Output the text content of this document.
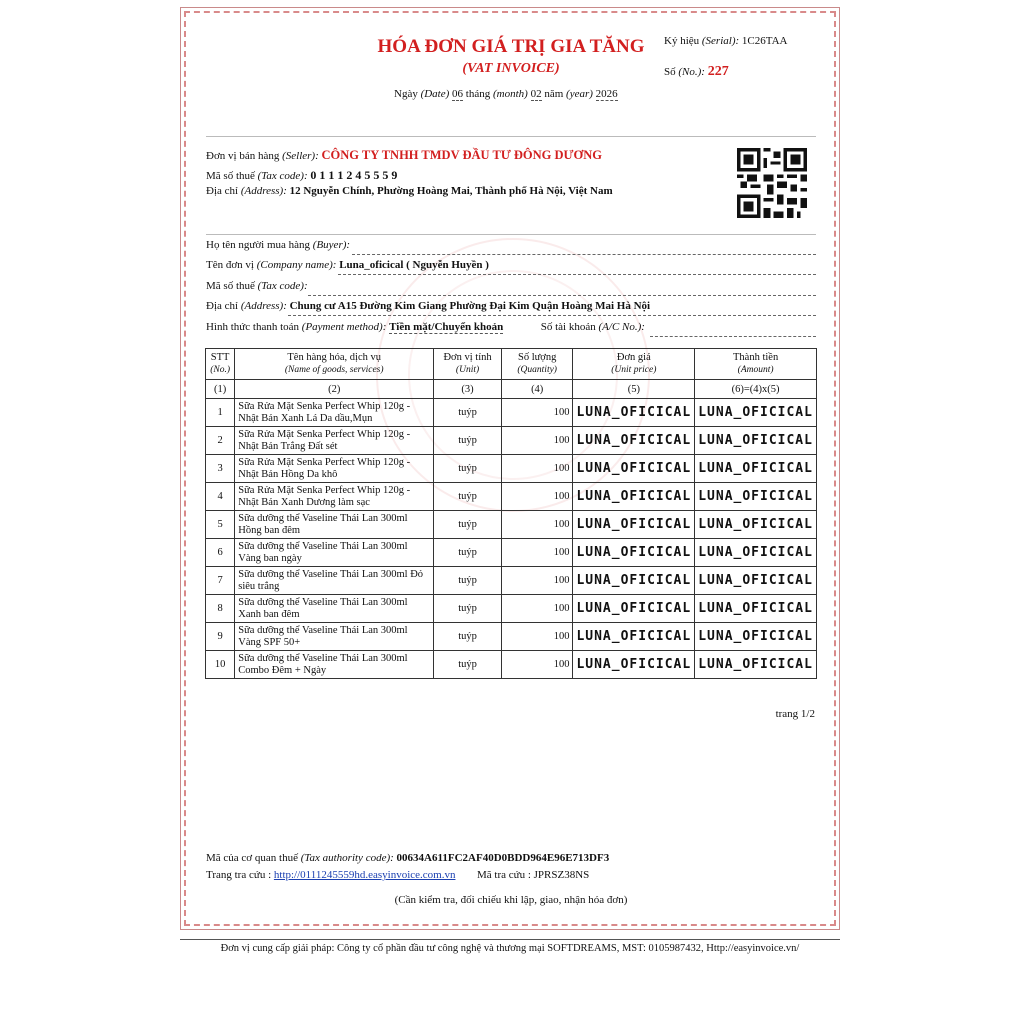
HÓA ĐƠN GIÁ TRỊ GIA TĂNG
(VAT INVOICE)
Ngày (Date) 06 tháng (month) 02 năm (year) 2026
Ký hiệu (Serial): 1C26TAA
Số (No.): 227
Đơn vị bán hàng (Seller): CÔNG TY TNHH TMDV ĐẦU TƯ ĐÔNG DƯƠNG
Mã số thuế (Tax code): 0 1 1 1 2 4 5 5 5 9
Địa chỉ (Address): 12 Nguyễn Chính, Phường Hoàng Mai, Thành phố Hà Nội, Việt Nam
Họ tên người mua hàng (Buyer):
Tên đơn vị (Company name): Luna_oficical ( Nguyễn Huyền )
Mã số thuế (Tax code):
Địa chỉ (Address): Chung cư A15 Đường Kim Giang Phường Đại Kim Quận Hoàng Mai Hà Nội
Hình thức thanh toán (Payment method): Tiền mặt/Chuyển khoản	Số tài khoản (A/C No.):
STT
(No.)	Tên hàng hóa, dịch vụ
(Name of goods, services)	Đơn vị tính
(Unit)	Số lượng
(Quantity)	Đơn giá
(Unit price)	Thành tiền
(Amount)
(1)	(2)	(3)	(4)	(5)	(6)=(4)x(5)
1	Sữa Rửa Mặt Senka Perfect Whip 120g - Nhật Bản Xanh Lá Da dầu,Mụn	tuýp	100	LUNA_OFICICAL	LUNA_OFICICAL
2	Sữa Rửa Mặt Senka Perfect Whip 120g - Nhật Bản Trắng Đất sét	tuýp	100	LUNA_OFICICAL	LUNA_OFICICAL
3	Sữa Rửa Mặt Senka Perfect Whip 120g - Nhật Bản Hồng Da khô	tuýp	100	LUNA_OFICICAL	LUNA_OFICICAL
4	Sữa Rửa Mặt Senka Perfect Whip 120g - Nhật Bản Xanh Dương làm sạc	tuýp	100	LUNA_OFICICAL	LUNA_OFICICAL
5	Sữa dưỡng thể Vaseline Thái Lan 300ml Hồng ban đêm	tuýp	100	LUNA_OFICICAL	LUNA_OFICICAL
6	Sữa dưỡng thể Vaseline Thái Lan 300ml Vàng ban ngày	tuýp	100	LUNA_OFICICAL	LUNA_OFICICAL
7	Sữa dưỡng thể Vaseline Thái Lan 300ml Đỏ siêu trắng	tuýp	100	LUNA_OFICICAL	LUNA_OFICICAL
8	Sữa dưỡng thể Vaseline Thái Lan 300ml Xanh ban đêm	tuýp	100	LUNA_OFICICAL	LUNA_OFICICAL
9	Sữa dưỡng thể Vaseline Thái Lan 300ml Vàng SPF 50+	tuýp	100	LUNA_OFICICAL	LUNA_OFICICAL
10	Sữa dưỡng thể Vaseline Thái Lan 300ml Combo Đêm + Ngày	tuýp	100	LUNA_OFICICAL	LUNA_OFICICAL
trang 1/2
Mã của cơ quan thuế (Tax authority code): 00634A611FC2AF40D0BDD964E96E713DF3
Trang tra cứu : http://0111245559hd.easyinvoice.com.vn Mã tra cứu : JPRSZ38NS
(Cần kiểm tra, đối chiếu khi lập, giao, nhận hóa đơn)
Đơn vị cung cấp giải pháp: Công ty cổ phần đầu tư công nghệ và thương mại SOFTDREAMS, MST: 0105987432, Http://easyinvoice.vn/
